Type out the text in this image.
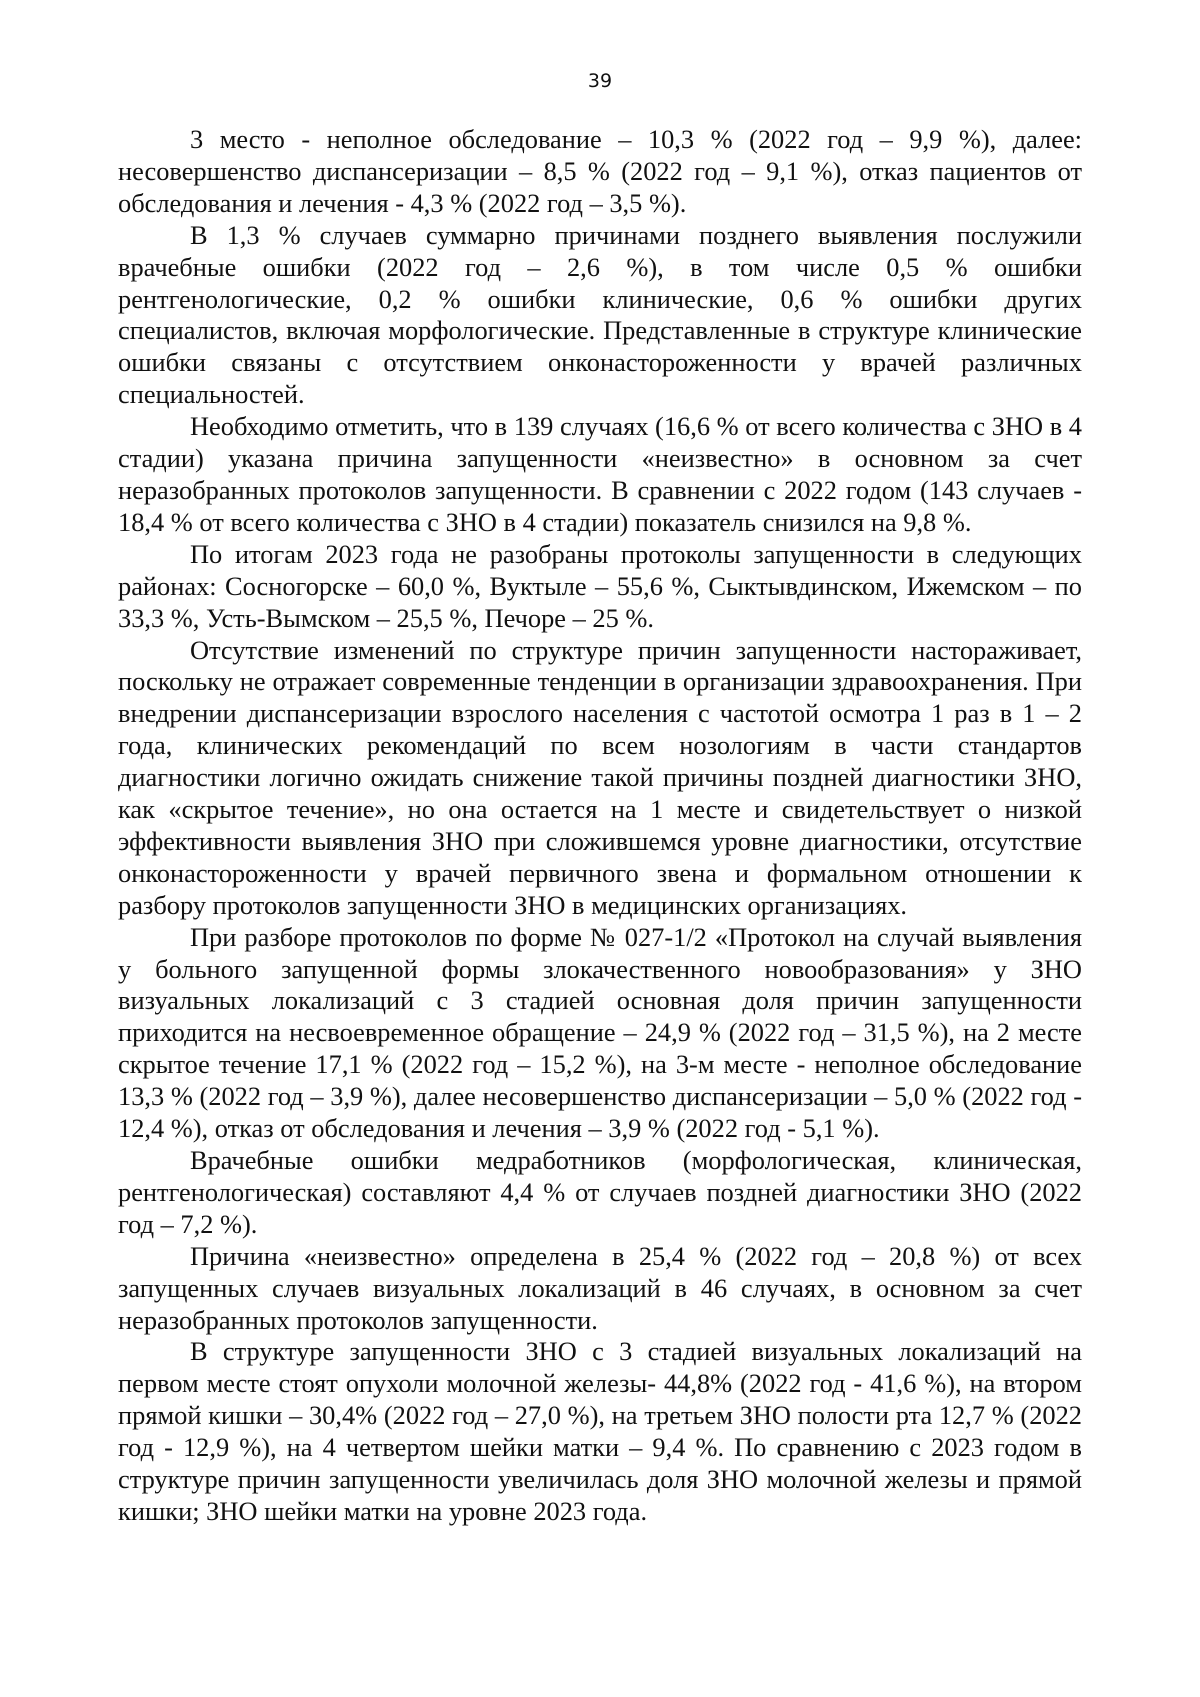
39

3 место - неполное обследование – 10,3 % (2022 год – 9,9 %), далее: несовершенство диспансеризации – 8,5 % (2022 год – 9,1 %), отказ пациентов от обследования и лечения - 4,3 % (2022 год – 3,5 %).

В 1,3 % случаев суммарно причинами позднего выявления послужили врачебные ошибки (2022 год – 2,6 %), в том числе 0,5 % ошибки рентгенологические, 0,2 % ошибки клинические, 0,6 % ошибки других специалистов, включая морфологические. Представленные в структуре клинические ошибки связаны с отсутствием онконастороженности у врачей различных специальностей.

Необходимо отметить, что в 139 случаях (16,6 % от всего количества с ЗНО в 4 стадии) указана причина запущенности «неизвестно» в основном за счет неразобранных протоколов запущенности. В сравнении с 2022 годом (143 случаев - 18,4 % от всего количества с ЗНО в 4 стадии) показатель снизился на 9,8 %.

По итогам 2023 года не разобраны протоколы запущенности в следующих районах: Сосногорске – 60,0 %, Вуктыле – 55,6 %, Сыктывдинском, Ижемском – по 33,3 %, Усть-Вымском – 25,5 %, Печоре – 25 %.

Отсутствие изменений по структуре причин запущенности настораживает, поскольку не отражает современные тенденции в организации здравоохранения. При внедрении диспансеризации взрослого населения с частотой осмотра 1 раз в 1 – 2 года, клинических рекомендаций по всем нозологиям в части стандартов диагностики логично ожидать снижение такой причины поздней диагностики ЗНО, как «скрытое течение», но она остается на 1 месте и свидетельствует о низкой эффективности выявления ЗНО при сложившемся уровне диагностики, отсутствие онконастороженности у врачей первичного звена и формальном отношении к разбору протоколов запущенности ЗНО в медицинских организациях.

При разборе протоколов по форме № 027-1/2 «Протокол на случай выявления у больного запущенной формы злокачественного новообразования» у ЗНО визуальных локализаций с 3 стадией основная доля причин запущенности приходится на несвоевременное обращение – 24,9 % (2022 год – 31,5 %), на 2 месте скрытое течение 17,1 % (2022 год – 15,2 %), на 3-м месте - неполное обследование 13,3 % (2022 год – 3,9 %), далее несовершенство диспансеризации – 5,0 % (2022 год - 12,4 %), отказ от обследования и лечения – 3,9 % (2022 год - 5,1 %).

Врачебные ошибки медработников (морфологическая, клиническая, рентгенологическая) составляют 4,4 % от случаев поздней диагностики ЗНО (2022 год – 7,2 %).

Причина «неизвестно» определена в 25,4 % (2022 год – 20,8 %) от всех запущенных случаев визуальных локализаций в 46 случаях, в основном за счет неразобранных протоколов запущенности.

В структуре запущенности ЗНО с 3 стадией визуальных локализаций на первом месте стоят опухоли молочной железы- 44,8% (2022 год - 41,6 %), на втором прямой кишки – 30,4% (2022 год – 27,0 %), на третьем ЗНО полости рта 12,7 % (2022 год - 12,9 %), на 4 четвертом шейки матки – 9,4 %. По сравнению с 2023 годом в структуре причин запущенности увеличилась доля ЗНО молочной железы и прямой кишки; ЗНО шейки матки на уровне 2023 года.
